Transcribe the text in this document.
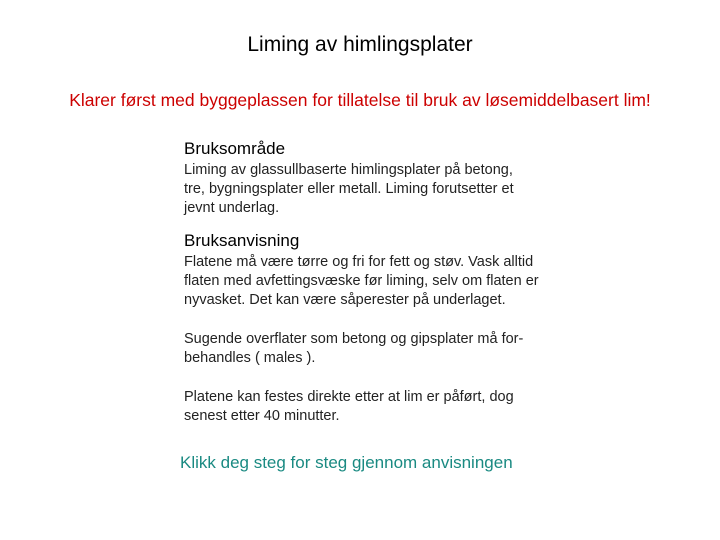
Liming av himlingsplater
Klarer først med byggeplassen for tillatelse til bruk av løsemiddelbasert lim!

Bruksområde

Liming av glassullbaserte himlingsplater på betong,
tre, bygningsplater eller metall. Liming forutsetter et
jevnt underlag.

Bruksanvisning

Flatene må være tørre og fri for fett og støv. Vask alltid
flaten med avfettingsvæske før liming, selv om flaten er
nyvasket. Det kan være såperester på underlaget.

Sugende overflater som betong og gipsplater må for-
behandles ( males ).

Platene kan festes direkte etter at lim er påført, dog
senest etter 40 minutter.

Klikk deg steg for steg gjennom anvisningen
